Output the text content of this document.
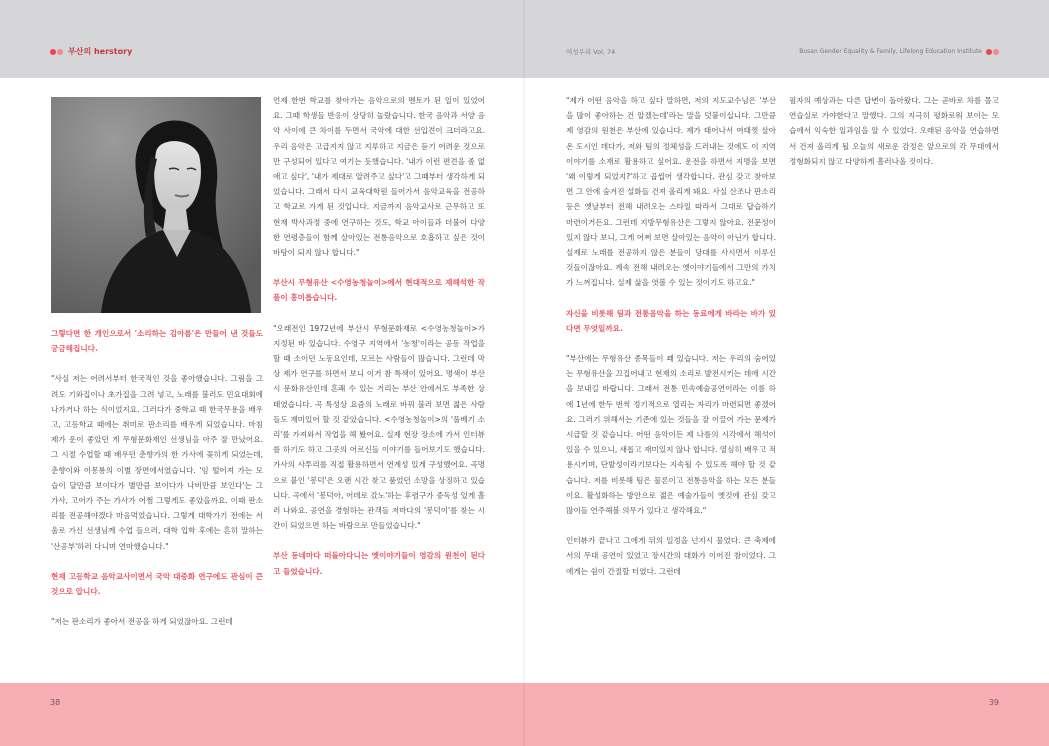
부산의 herstory	여성우리 Vol. 74	Busan Gender Equality & Family, Lifelong Education Institute

그렇다면 한 개인으로서 '소리하는 김아름'은 만들어 낸 것들도 궁금해집니다.

"사실 저는 어려서부터 한국적인 것을 좋아했습니다. 그림을 그려도 기와집이나 초가집을 그려 넣고, 노래를 불러도 민요대회에 나가거나 하는 식이었지요. 그러다가 중학교 때 한국무용을 배우고, 고등학교 때에는 취미로 판소리를 배우게 되었습니다. 마침 제가 운이 좋았던 게 무형문화재인 선생님을 아주 잘 만났어요. 그 시절 수업할 때 배우던 춘향가의 한 가사에 꽂히게 되었는데, 춘향이와 이몽룡의 이별 장면에서였습니다. '임 떨어져 가는 모습이 달만큼 보이다가 별만큼 보이다가 나비만큼 보인다'는 그 가사, 고어가 주는 가사가 어쩜 그렇게도 좋았을까요. 이때 판소리를 전공해야겠다 마음먹었습니다. 그렇게 대학가기 전에는 서울로 가신 선생님께 수업 들으러, 대학 입학 후에는 흔히 말하는 '산공부'하러 다니며 연마했습니다."

현재 고등학교 음악교사이면서 국악 대중화 연구에도 관심이 큰 것으로 압니다.

"저는 판소리가 좋아서 전공을 하게 되었잖아요. 그런데

언제 한번 학교를 찾아가는 음악으로의 멘토가 된 일이 있었어요. 그때 학생들 반응이 상당히 놀랐습니다. 한국 음악과 서양 음악 사이에 큰 차이를 두면서 국악에 대한 선입견이 크더라고요. 우리 음악은 고급지지 않고 지루하고 지금은 듣기 어려운 것으로만 구성되어 있다고 여기는 듯했습니다. '내가 이런 편견을 좀 없애고 싶다', '내가 제대로 알려주고 싶다'고 그때부터 생각하게 되었습니다. 그래서 다시 교육대학원 들어가서 음악교육을 전공하고 학교로 가게 된 것입니다. 지금까지 음악교사로 근무하고 또 현재 박사과정 중에 연구하는 것도, 학교 아이들과 더불어 다양한 연령층들이 함께 살아있는 전통음악으로 호흡하고 싶은 것이 바탕이 되지 않나 합니다."

부산시 무형유산 <수영농청놀이>에서 현대적으로 재해석한 작품이 흥미롭습니다.

"오래전인 1972년에 부산시 무형문화재로 <수영농청놀이>가 지정된 바 있습니다. 수영구 지역에서 '농청'이라는 공동 작업을 할 때 소이던 노동요인데, 모르는 사람들이 많습니다. 그런데 막상 제가 연구를 하면서 보니 이거 참 특색이 있어요. 명색이 부산시 문화유산인데 흔쾌 수 있는 거리는 부산 안에서도 부족한 상태였습니다. 곡 특성상 요즘의 노래로 바꿔 불러 보면 젊은 사람들도 재미있어 할 것 같았습니다. <수영농청놀이>의 '풀베기 소리'를 가져와서 작업을 해 봤어요. 실제 현장 장소에 가서 인터뷰를 하기도 하고 그곳의 어르신들 이야기를 들어보기도 했습니다. 가사의 사투리를 직접 활용하면서 연계성 있게 구성했어요. 곡명으로 붙인 '봉덕'은 오랜 시간 찾고 품었던 소망을 상징하고 있습니다. 곡에서 '봉덕아, 어데로 갔노'하는 후렴구가 중독성 있게 흘러 나와요. 공연을 경험하는 관객들 저마다의 '봉덕이'를 찾는 시간이 되었으면 하는 바람으로 만들었습니다."

부산 동네마다 떠돌아다니는 옛이야기들이 영감의 원천이 된다고 들었습니다.

"제가 어떤 음악을 하고 싶다 말하면, 저의 지도교수님은 '부산을 많이 좋아하는 건 알겠는데'라는 말을 덧붙이십니다. 그만큼 제 영감의 원천은 부산에 있습니다. 제가 태어나서 여태껏 살아온 도시인 데다가, 저와 팀의 정체성을 드러내는 것에도 이 지역 이야기를 소재로 활용하고 싶어요. 운전을 하면서 지명을 보면 '왜 이렇게 되었지?'하고 곱씹어 생각합니다. 관심 갖고 찾아보면 그 안에 숨겨진 설화들 건져 올리게 돼요. 사실 산조나 판소리 등은 옛날부터 전해 내려오는 스타일 따라서 그대로 답습하기 마련이거든요. 그런데 지방무형유산은 그렇지 않아요. 전문성이 있지 않다 보니, 그게 어쩌 보면 살아있는 음악이 아닌가 합니다. 실제로 노래를 전공하지 않은 분들이 당대를 사시면서 이루신 것들이잖아요. 계속 전해 내려오는 옛이야기들에서 그만의 가치가 느껴집니다. 실제 삶을 엿볼 수 있는 것이기도 하고요."

자신을 비롯해 팀과 전통음악을 하는 동료에게 바라는 바가 있다면 무엇일까요.

"부산에는 무형유산 종목들이 꽤 있습니다. 저는 우리의 숨어있는 무형유산을 끄집어내고 현재의 소리로 발전시키는 데에 시간을 보내길 바랍니다. 그래서 전통 민속예술공연이라는 이름 하에 1년에 한두 번씩 정기적으로 열리는 자리가 마련되면 좋겠어요. 그러기 위해서는 기존에 있는 것들을 잘 이끌어 가는 문제가 시급할 것 같습니다. 어떤 음악이든 제 나름의 시각에서 해석이 있을 수 있으니, 새롭고 재미있지 않나 합니다. 열심히 배우고 적용시키며, 단발성이라기보다는 지속될 수 있도록 해야 할 것 같습니다. 저를 비롯해 팀은 물론이고 전통음악을 하는 모든 분들이요. 활성화하는 방안으로 젊은 예술가들이 옛것에 관심 갖고 많이들 연주해볼 의무가 있다고 생각해요."

인터뷰가 끝나고 그에게 뒤의 일정을 넌지시 물었다. 큰 축제에서의 무대 공연이 있었고 장시간의 대화가 이어진 참이었다. 그에게는 쉼이 간절할 터였다. 그런데

필자의 예상과는 다른 답변이 돌아왔다. 그는 곧바로 차를 몰고 연습실로 가야한다고 말했다. 그의 지극히 평화로워 보이는 모습에서 익숙한 일과임을 알 수 있었다. 오래된 음악을 연습하면서 건져 올리게 될 오늘의 새로운 감정은 앞으로의 각 무대에서 정형화되지 않고 다양하게 흘러나올 것이다.

38	39
